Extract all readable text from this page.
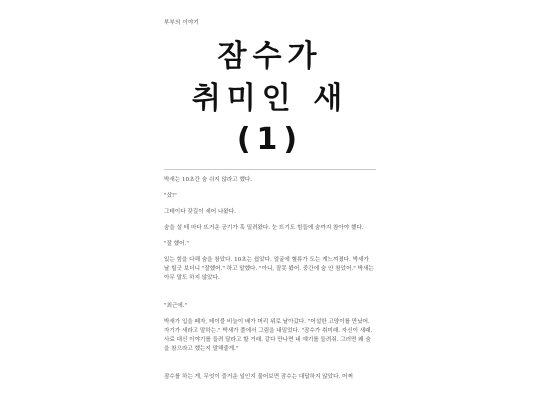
부부의 이야기
잠수가
취미인 새
(1)

박새는 10초간 숨 쉬지 않라고 했다.

"샀!"

그테이다 갖길이 세어 나왔다.

숨을 설 테 마다 뜨거운 공기가 혹 밀려왔다. 눈 뜨기도 힘들에 숨까지 참아야 했다.

"잘 했어."

있는 힘을 다해 숨을 참았다. 10초는 쉽았다. 얼굴에 혈류가 도는 게느껴졌다. 박새가 날 힐긋 보더니 "잘했어." 하고 말했다. "아니, 잘못 봤어. 중간에 숨 안 참았어." 박새는 아무 말도 하지 않았다.

"최근에."

박새가 입을 떼자, 테이블 비늘이 배가 머리 위로 날아갔다. "어설한 고양이를 만났어. 자기가 새라고 말하는." 박새가 풀에서 그림을 내밀었다. "잠수가 취미래. 자신이 새래. 사료 대신 이야기를 들려 달라고 할 거래. 같다 만나면 네 얘기를 들려줘. 그러면 왜 숨을 참으라고 했는지 말해줄게."

잠수를 하는 게, 무엇이 즐거운 일인지 물어보면 잠수는 대답하지 않았다. 어쩌
